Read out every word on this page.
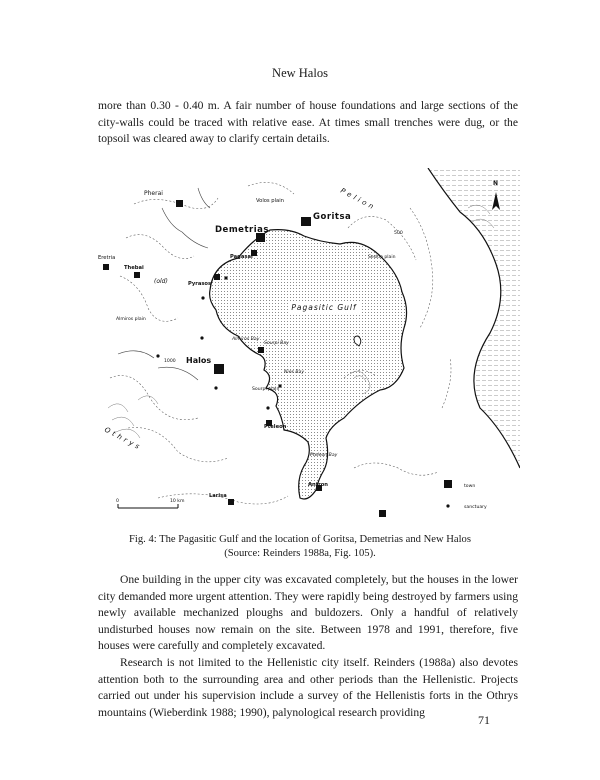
New Halos

more than 0.30 - 0.40 m. A fair number of house foundations and large sections of the city-walls could be traced with relative ease. At times small trenches were dug, or the topsoil was cleared away to clarify certain details.

Pagasitic Gulf
Pherai
Volos plain
Goritsa
Demetrias
Pagasai
Eretria
Thebai
Pyrasos
(old)
Almiros plain
Halos
Sourpi plain
Pteleon
Antron
Larisa
Sesklo plain
Pelion
Othrys
Almiros Bay
Sourpi Bay
Nies Bay
Pteleon Bay
500
1000
N
0	10 km
town
sanctuary
Fig. 4: The Pagasitic Gulf and the location of Goritsa, Demetrias and New Halos
(Source: Reinders 1988a, Fig. 105).

One building in the upper city was excavated completely, but the houses in the lower city demanded more urgent attention. They were rapidly being destroyed by farmers using newly available mechanized ploughs and buldozers. Only a handful of relatively undisturbed houses now remain on the site. Between 1978 and 1991, therefore, five houses were carefully and completely excavated.

Research is not limited to the Hellenistic city itself. Reinders (1988a) also devotes attention both to the surrounding area and other periods than the Hellenistic. Projects carried out under his supervision include a survey of the Hellenistis forts in the Othrys mountains (Wieberdink 1988; 1990), palynological research providing

71
